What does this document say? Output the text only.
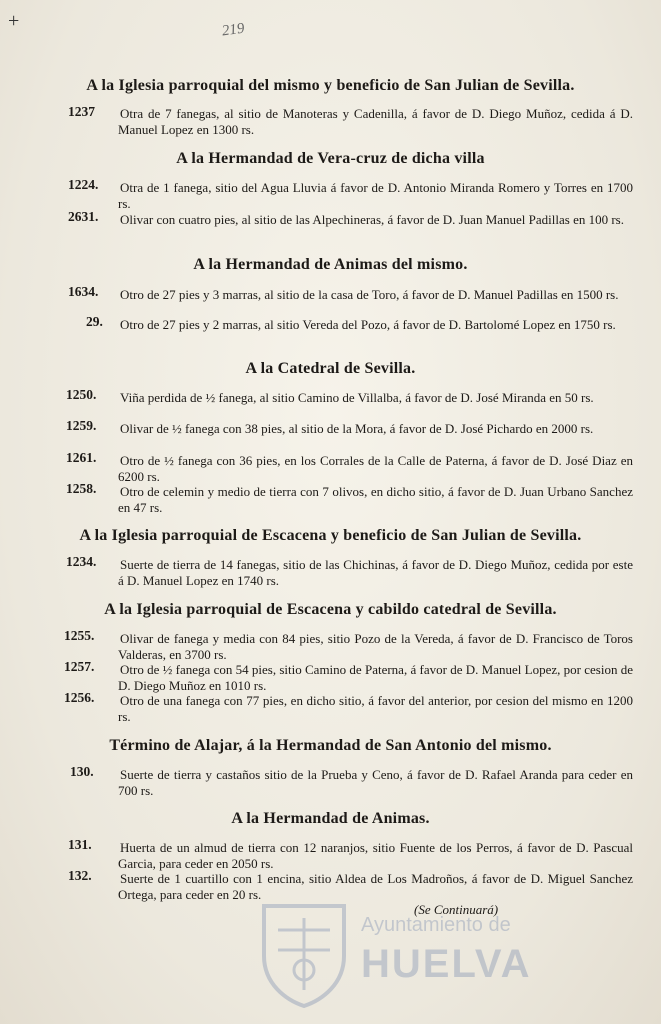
+	219

A la Iglesia parroquial del mismo y beneficio de San Julian de Sevilla.
1237 Otra de 7 fanegas, al sitio de Manoteras y Cadenilla, á favor de D. Diego Muñoz, cedida á D. Manuel Lopez en 1300 rs.
A la Hermandad de Vera-cruz de dicha villa
1224. Otra de 1 fanega, sitio del Agua Lluvia á favor de D. Antonio Miranda Romero y Torres en 1700 rs.
2631. Olivar con cuatro pies, al sitio de las Alpechineras, á favor de D. Juan Manuel Padillas en 100 rs.
A la Hermandad de Animas del mismo.
1634. Otro de 27 pies y 3 marras, al sitio de la casa de Toro, á favor de D. Manuel Padillas en 1500 rs.
29. Otro de 27 pies y 2 marras, al sitio Vereda del Pozo, á favor de D. Bartolomé Lopez en 1750 rs.
A la Catedral de Sevilla.
1250. Viña perdida de ½ fanega, al sitio Camino de Villalba, á favor de D. José Miranda en 50 rs.
1259. Olivar de ½ fanega con 38 pies, al sitio de la Mora, á favor de D. José Pichardo en 2000 rs.
1261. Otro de ½ fanega con 36 pies, en los Corrales de la Calle de Paterna, á favor de D. José Diaz en 6200 rs.
1258. Otro de celemin y medio de tierra con 7 olivos, en dicho sitio, á favor de D. Juan Urbano Sanchez en 47 rs.
A la Iglesia parroquial de Escacena y beneficio de San Julian de Sevilla.
1234. Suerte de tierra de 14 fanegas, sitio de las Chichinas, á favor de D. Diego Muñoz, cedida por este á D. Manuel Lopez en 1740 rs.
A la Iglesia parroquial de Escacena y cabildo catedral de Sevilla.
1255. Olivar de fanega y media con 84 pies, sitio Pozo de la Vereda, á favor de D. Francisco de Toros Valderas, en 3700 rs.
1257. Otro de ½ fanega con 54 pies, sitio Camino de Paterna, á favor de D. Manuel Lopez, por cesion de D. Diego Muñoz en 1010 rs.
1256. Otro de una fanega con 77 pies, en dicho sitio, á favor del anterior, por cesion del mismo en 1200 rs.
Término de Alajar, á la Hermandad de San Antonio del mismo.
130. Suerte de tierra y castaños sitio de la Prueba y Ceno, á favor de D. Rafael Aranda para ceder en 700 rs.
A la Hermandad de Animas.
131. Huerta de un almud de tierra con 12 naranjos, sitio Fuente de los Perros, á favor de D. Pascual Garcia, para ceder en 2050 rs.
132. Suerte de 1 cuartillo con 1 encina, sitio Aldea de Los Madroños, á favor de D. Miguel Sanchez Ortega, para ceder en 20 rs.
(Se Continuará)
Ayuntamiento de
HUELVA
